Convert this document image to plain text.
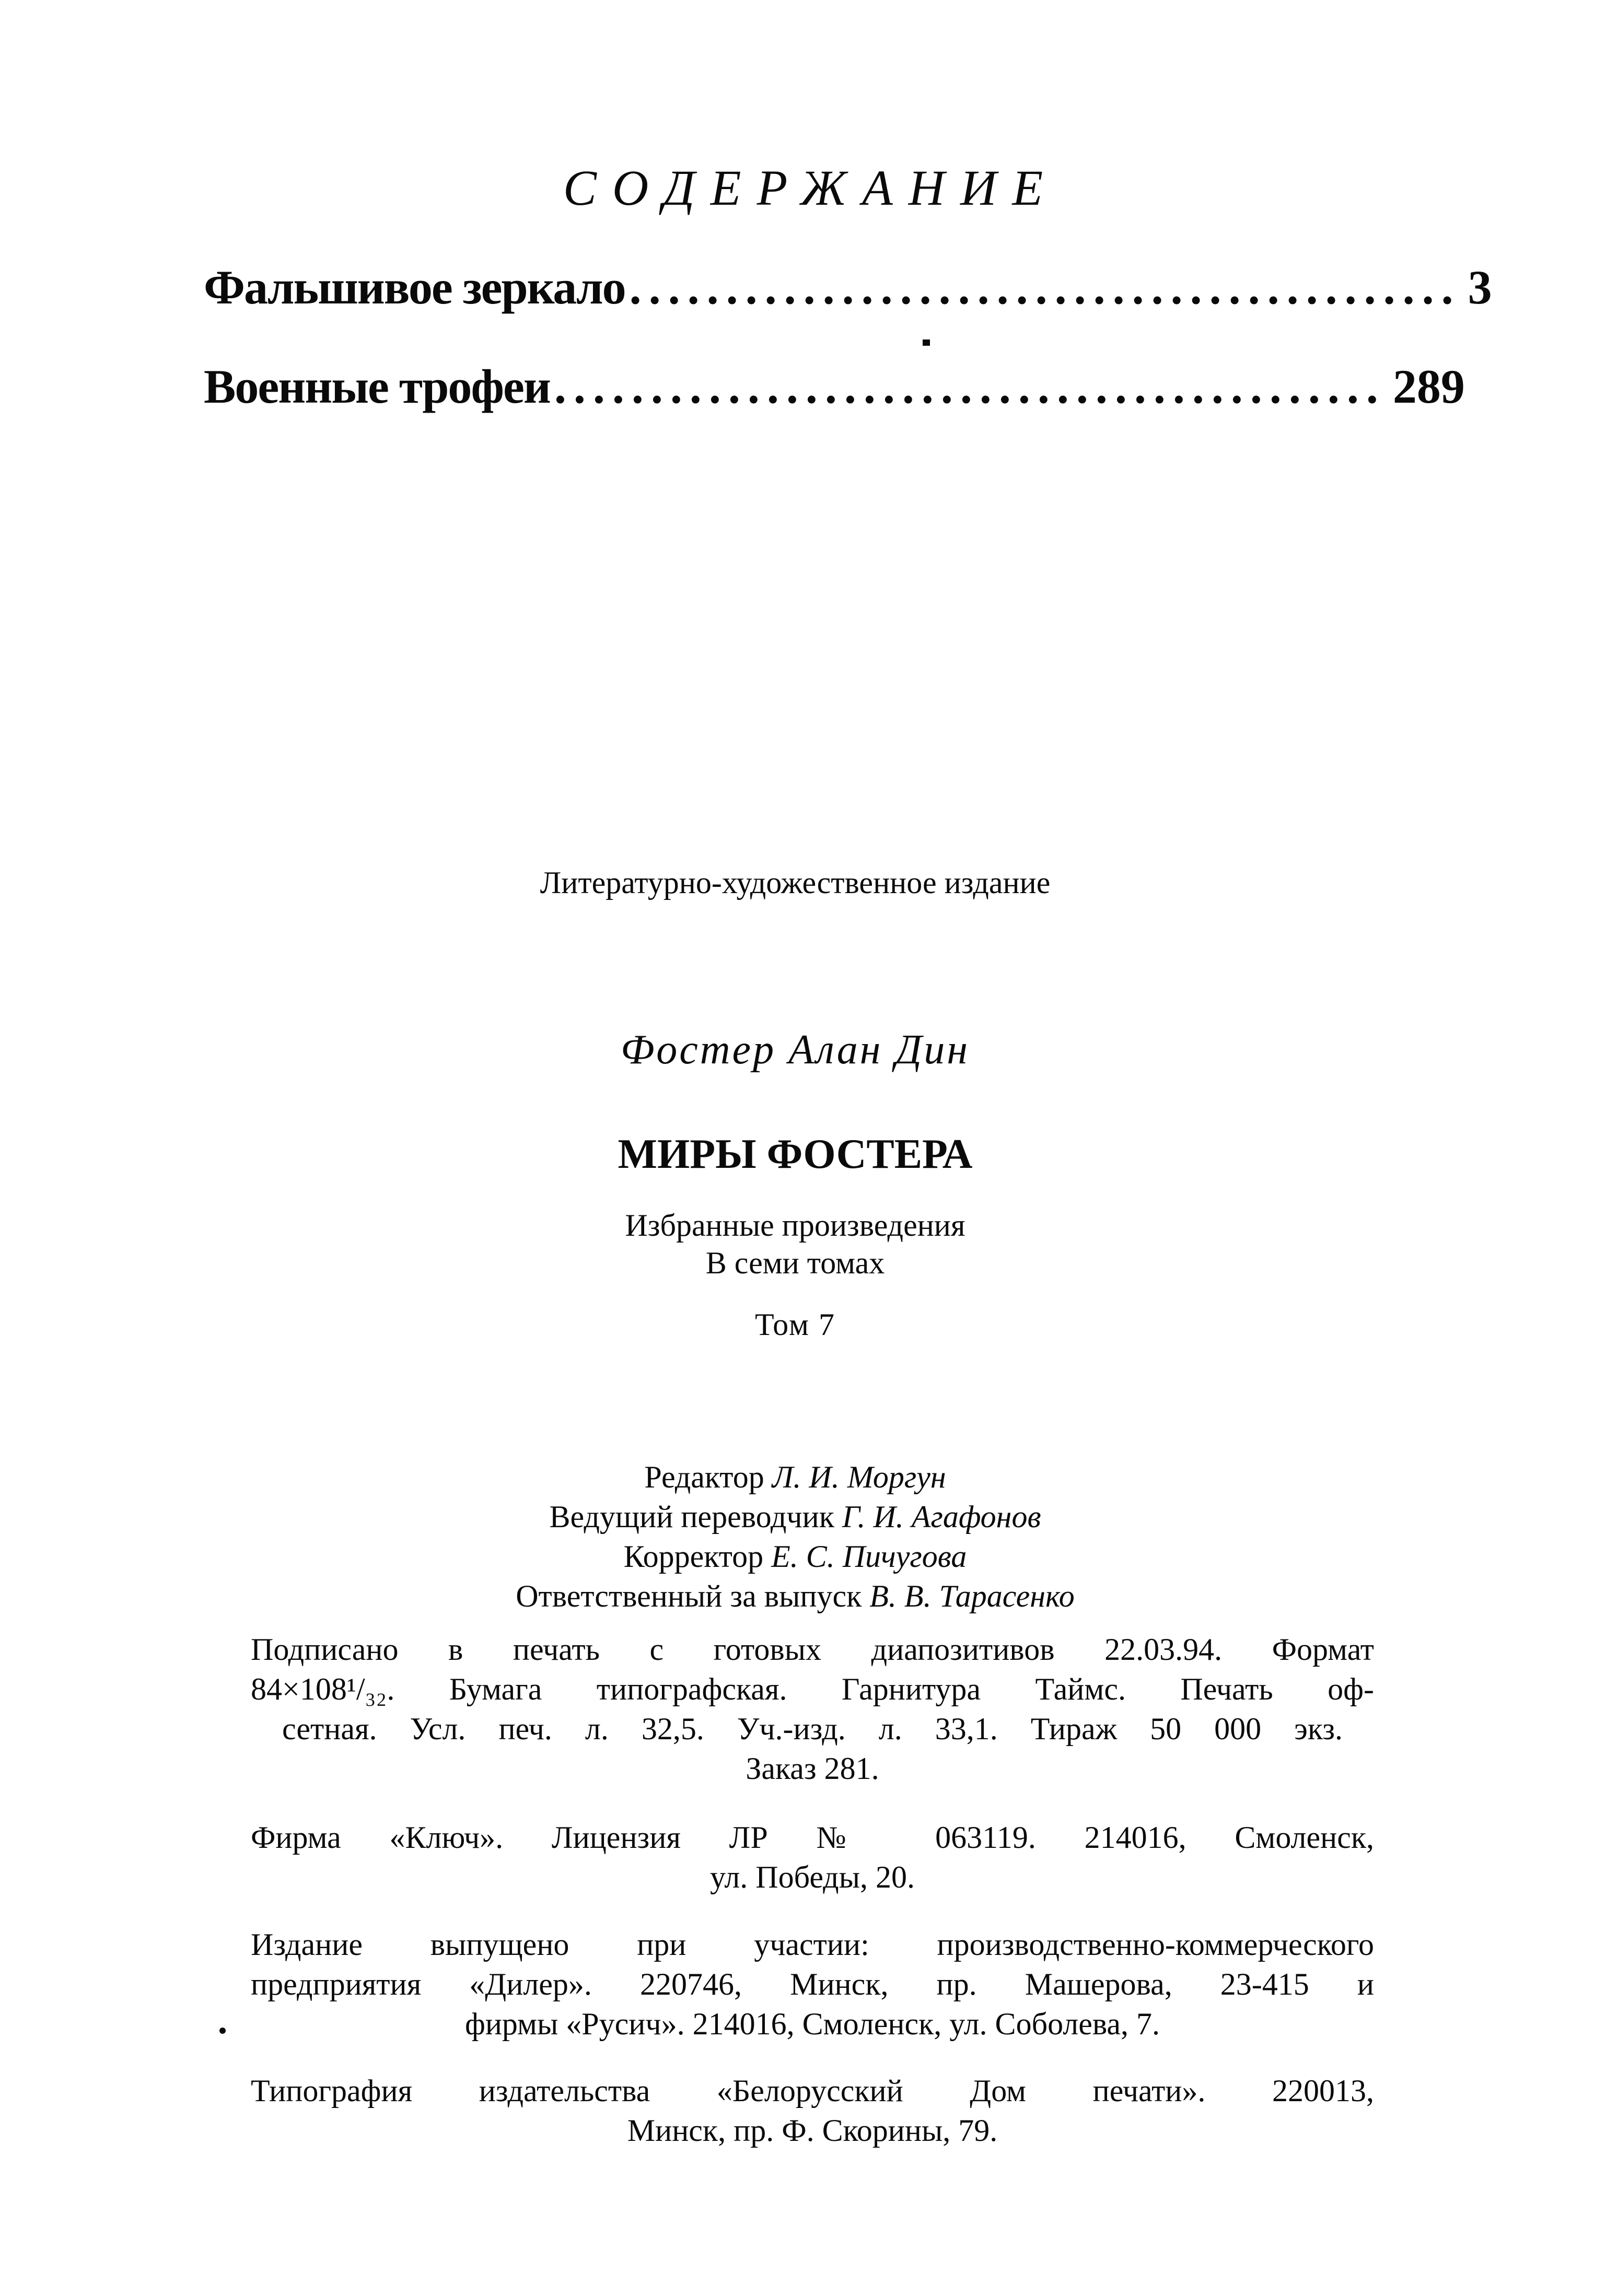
СОДЕРЖАНИЕ
Фальшивое зеркало ........................................... 3
Военные трофеи ........................................... 289
Литературно-художественное издание
Фостер Алан Дин
МИРЫ ФОСТЕРА
Избранные произведения
В семи томах
Том 7
Редактор Л. И. Моргун
Ведущий переводчик Г. И. Агафонов
Корректор Е. С. Пичугова
Ответственный за выпуск В. В. Тарасенко
Подписано в печать с готовых диапозитивов 22.03.94. Формат
84×108¹/₃₂. Бумага типографская. Гарнитура Таймс. Печать оф-
сетная. Усл. печ. л. 32,5. Уч.-изд. л. 33,1. Тираж 50 000 экз.
Заказ 281.
Фирма «Ключ». Лицензия ЛР № 063119. 214016, Смоленск,
ул. Победы, 20.
Издание выпущено при участии: производственно-коммерческого
предприятия «Дилер». 220746, Минск, пр. Машерова, 23-415 и
фирмы «Русич». 214016, Смоленск, ул. Соболева, 7.
Типография издательства «Белорусский Дом печати». 220013,
Минск, пр. Ф. Скорины, 79.
